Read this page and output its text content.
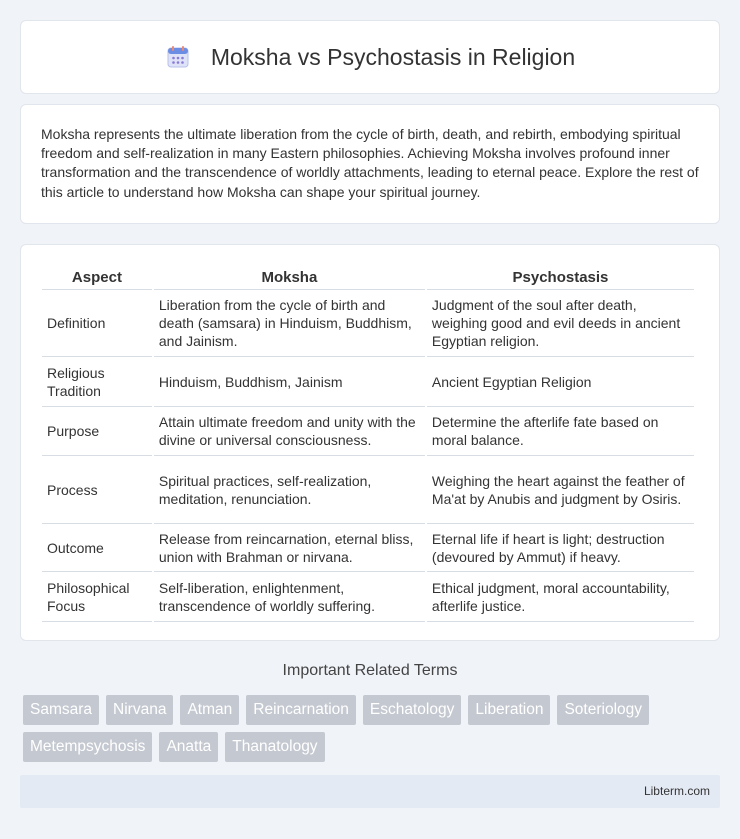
Moksha vs Psychostasis in Religion

Moksha represents the ultimate liberation from the cycle of birth, death, and rebirth, embodying spiritual freedom and self-realization in many Eastern philosophies. Achieving Moksha involves profound inner transformation and the transcendence of worldly attachments, leading to eternal peace. Explore the rest of this article to understand how Moksha can shape your spiritual journey.

Aspect	Moksha	Psychostasis
Definition	Liberation from the cycle of birth and death (samsara) in Hinduism, Buddhism, and Jainism.	Judgment of the soul after death, weighing good and evil deeds in ancient Egyptian religion.
Religious Tradition	Hinduism, Buddhism, Jainism	Ancient Egyptian Religion
Purpose	Attain ultimate freedom and unity with the divine or universal consciousness.	Determine the afterlife fate based on moral balance.
Process	Spiritual practices, self-realization, meditation, renunciation.	Weighing the heart against the feather of Ma'at by Anubis and judgment by Osiris.
Outcome	Release from reincarnation, eternal bliss, union with Brahman or nirvana.	Eternal life if heart is light; destruction (devoured by Ammut) if heavy.
Philosophical Focus	Self-liberation, enlightenment, transcendence of worldly suffering.	Ethical judgment, moral accountability, afterlife justice.
Important Related Terms
Samsara	Nirvana	Atman	Reincarnation	Eschatology	Liberation	Soteriology
Metempsychosis	Anatta	Thanatology
Libterm.com
